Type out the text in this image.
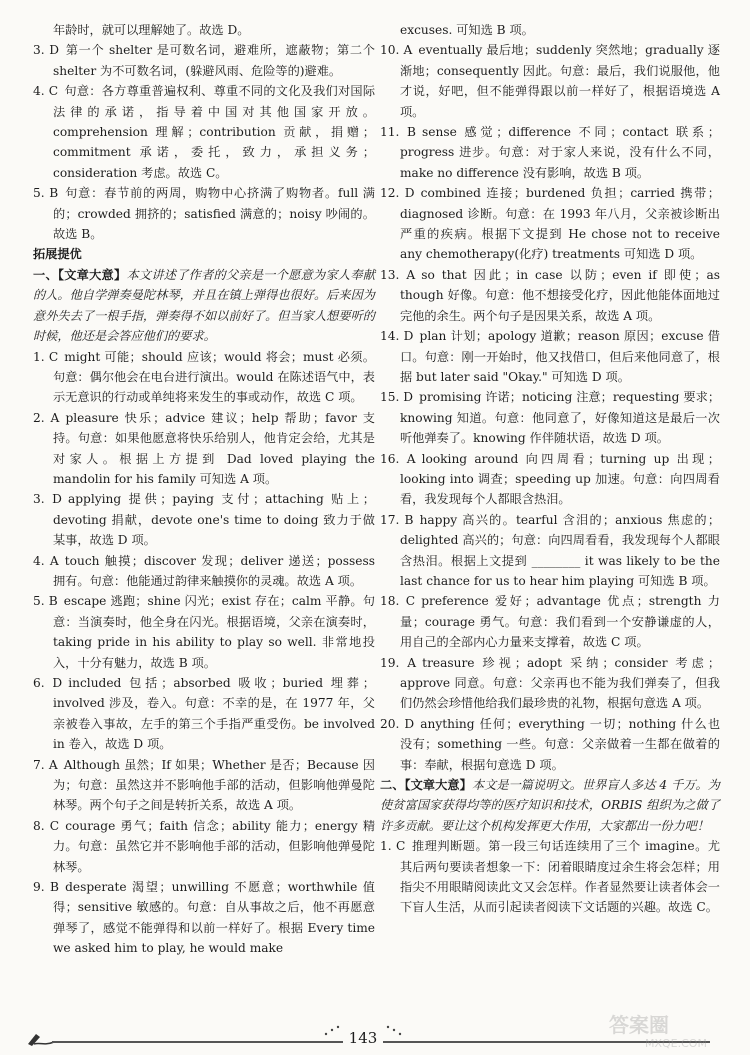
年龄时，就可以理解她了。故选 D。

3. D  第一个 shelter 是可数名词，避难所，遮蔽物；第二个 shelter 为不可数名词，(躲避风雨、危险等的)避难。

4. C  句意：各方尊重普遍权利、尊重不同的文化及我们对国际法律的承诺，指导着中国对其他国家开放。comprehension 理解；contribution 贡献，捐赠；commitment 承诺，委托，致力，承担义务；consideration 考虑。故选 C。

5. B  句意：春节前的两周，购物中心挤满了购物者。full 满的；crowded 拥挤的；satisfied 满意的；noisy 吵闹的。故选 B。

拓展提优

一、【文章大意】本文讲述了作者的父亲是一个愿意为家人奉献的人。他自学弹奏曼陀林琴，并且在镇上弹得也很好。后来因为意外失去了一根手指，弹奏得不如以前好了。但当家人想要听的时候，他还是会答应他们的要求。

1. C  might 可能；should 应该；would 将会；must 必须。句意：偶尔他会在电台进行演出。would 在陈述语气中，表示无意识的行动或单纯将来发生的事或动作，故选 C 项。

2. A  pleasure 快乐；advice 建议；help 帮助；favor 支持。句意：如果他愿意将快乐给别人，他肯定会给，尤其是对家人。根据上方提到 Dad loved playing the mandolin for his family 可知选 A 项。

3. D  applying 提供；paying 支付；attaching 贴上；devoting 捐献，devote one's time to doing 致力于做某事，故选 D 项。

4. A  touch 触摸；discover 发现；deliver 递送；possess 拥有。句意：他能通过韵律来触摸你的灵魂。故选 A 项。

5. B  escape 逃跑；shine 闪光；exist 存在；calm 平静。句意：当演奏时，他全身在闪光。根据语境，父亲在演奏时，taking pride in his ability to play so well. 非常地投入，十分有魅力，故选 B 项。

6. D  included 包括；absorbed 吸收；buried 埋葬；involved 涉及，卷入。句意：不幸的是，在 1977 年，父亲被卷入事故，左手的第三个手指严重受伤。be involved in 卷入，故选 D 项。

7. A  Although 虽然；If 如果；Whether 是否；Because 因为；句意：虽然这并不影响他手部的活动，但影响他弹曼陀林琴。两个句子之间是转折关系，故选 A 项。

8. C  courage 勇气；faith 信念；ability 能力；energy 精力。句意：虽然它并不影响他手部的活动，但影响他弹曼陀林琴。

9. B  desperate 渴望；unwilling 不愿意；worthwhile 值得；sensitive 敏感的。句意：自从事故之后，他不再愿意弹琴了，感觉不能弹得和以前一样好了。根据 Every time we asked him to play, he would make

excuses. 可知选 B 项。

10. A  eventually 最后地；suddenly 突然地；gradually 逐渐地；consequently 因此。句意：最后，我们说服他，他才说，好吧，但不能弹得跟以前一样好了，根据语境选 A 项。

11. B  sense 感觉；difference 不同；contact 联系；progress 进步。句意：对于家人来说，没有什么不同，make no difference 没有影响，故选 B 项。

12. D  combined 连接；burdened 负担；carried 携带；diagnosed 诊断。句意：在 1993 年八月，父亲被诊断出严重的疾病。根据下文提到 He chose not to receive any chemotherapy(化疗) treatments 可知选 D 项。

13. A  so that 因此；in case 以防；even if 即使；as though 好像。句意：他不想接受化疗，因此他能体面地过完他的余生。两个句子是因果关系，故选 A 项。

14. D  plan 计划；apology 道歉；reason 原因；excuse 借口。句意：刚一开始时，他又找借口，但后来他同意了，根据 but later said "Okay." 可知选 D 项。

15. D  promising 许诺；noticing 注意；requesting 要求；knowing 知道。句意：他同意了，好像知道这是最后一次听他弹奏了。knowing 作伴随状语，故选 D 项。

16. A  looking around 向四周看；turning up 出现；looking into 调查；speeding up 加速。句意：向四周看看，我发现每个人都眼含热泪。

17. B  happy 高兴的。tearful 含泪的；anxious 焦虑的；delighted 高兴的；句意：向四周看看，我发现每个人都眼含热泪。根据上文提到 ________ it was likely to be the last chance for us to hear him playing 可知选 B 项。

18. C  preference 爱好；advantage 优点；strength 力量；courage 勇气。句意：我们看到一个安静谦虚的人，用自己的全部内心力量来支撑着，故选 C 项。

19. A  treasure 珍视；adopt 采纳；consider 考虑；approve 同意。句意：父亲再也不能为我们弹奏了，但我们仍然会珍惜他给我们最珍贵的礼物，根据句意选 A 项。

20. D  anything 任何；everything 一切；nothing 什么也没有；something 一些。句意：父亲做着一生都在做着的事：奉献，根据句意选 D 项。

二、【文章大意】本文是一篇说明文。世界盲人多达 4 千万。为使贫富国家获得均等的医疗知识和技术，ORBIS 组织为之做了许多贡献。要让这个机构发挥更大作用，大家都出一份力吧！

1. C  推理判断题。第一段三句话连续用了三个 imagine。尤其后两句要读者想象一下：闭着眼睛度过余生将会怎样；用指尖不用眼睛阅读此文又会怎样。作者显然要让读者体会一下盲人生活，从而引起读者阅读下文话题的兴趣。故选 C。

143
答案圈
MXQE.COM
